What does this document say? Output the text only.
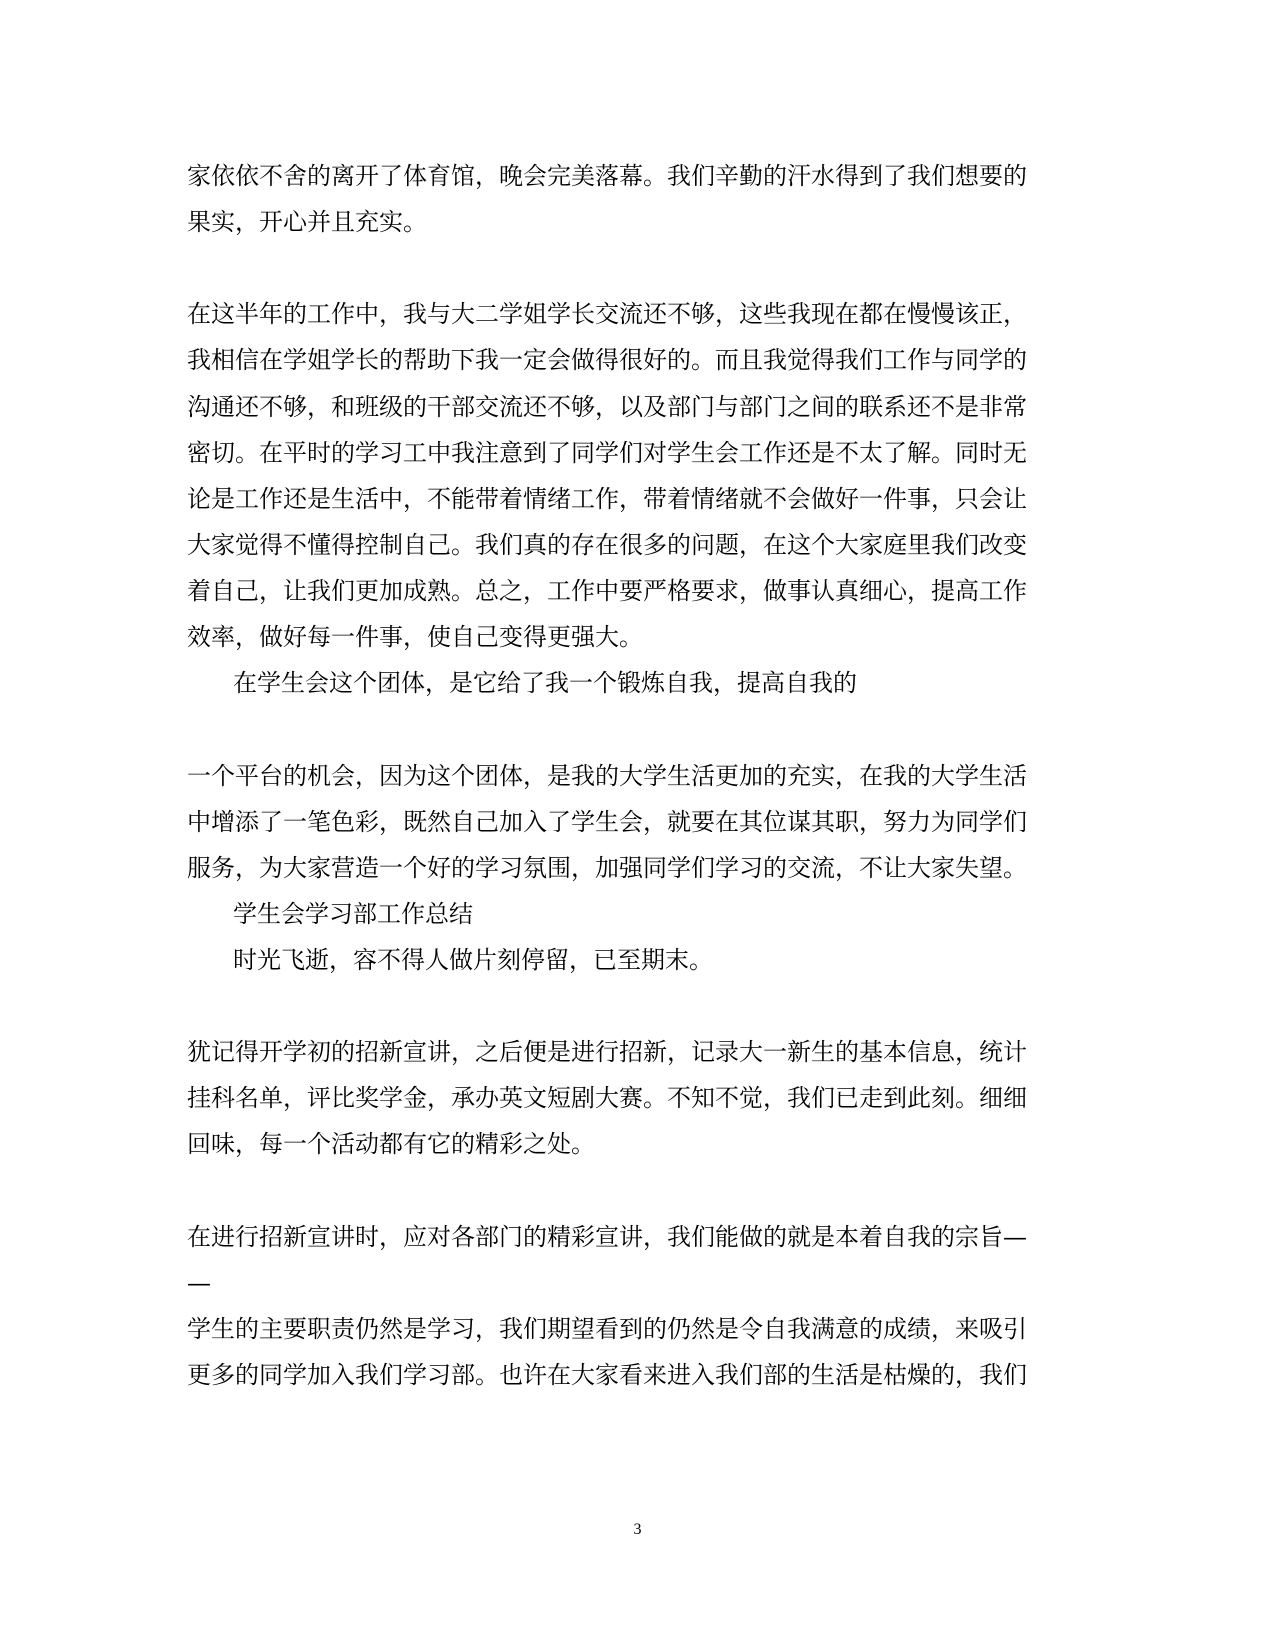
家依依不舍的离开了体育馆，晚会完美落幕。我们辛勤的汗水得到了我们想要的
果实，开心并且充实。
在这半年的工作中，我与大二学姐学长交流还不够，这些我现在都在慢慢该正，
我相信在学姐学长的帮助下我一定会做得很好的。而且我觉得我们工作与同学的
沟通还不够，和班级的干部交流还不够，以及部门与部门之间的联系还不是非常
密切。在平时的学习工中我注意到了同学们对学生会工作还是不太了解。同时无
论是工作还是生活中，不能带着情绪工作，带着情绪就不会做好一件事，只会让
大家觉得不懂得控制自己。我们真的存在很多的问题，在这个大家庭里我们改变
着自己，让我们更加成熟。总之，工作中要严格要求，做事认真细心，提高工作
效率，做好每一件事，使自己变得更强大。
在学生会这个团体，是它给了我一个锻炼自我，提高自我的
一个平台的机会，因为这个团体，是我的大学生活更加的充实，在我的大学生活
中增添了一笔色彩，既然自己加入了学生会，就要在其位谋其职，努力为同学们
服务，为大家营造一个好的学习氛围，加强同学们学习的交流，不让大家失望。
学生会学习部工作总结
时光飞逝，容不得人做片刻停留，已至期末。
犹记得开学初的招新宣讲，之后便是进行招新，记录大一新生的基本信息，统计
挂科名单，评比奖学金，承办英文短剧大赛。不知不觉，我们已走到此刻。细细
回味，每一个活动都有它的精彩之处。
在进行招新宣讲时，应对各部门的精彩宣讲，我们能做的就是本着自我的宗旨—
—
学生的主要职责仍然是学习，我们期望看到的仍然是令自我满意的成绩，来吸引
更多的同学加入我们学习部。也许在大家看来进入我们部的生活是枯燥的，我们
3
